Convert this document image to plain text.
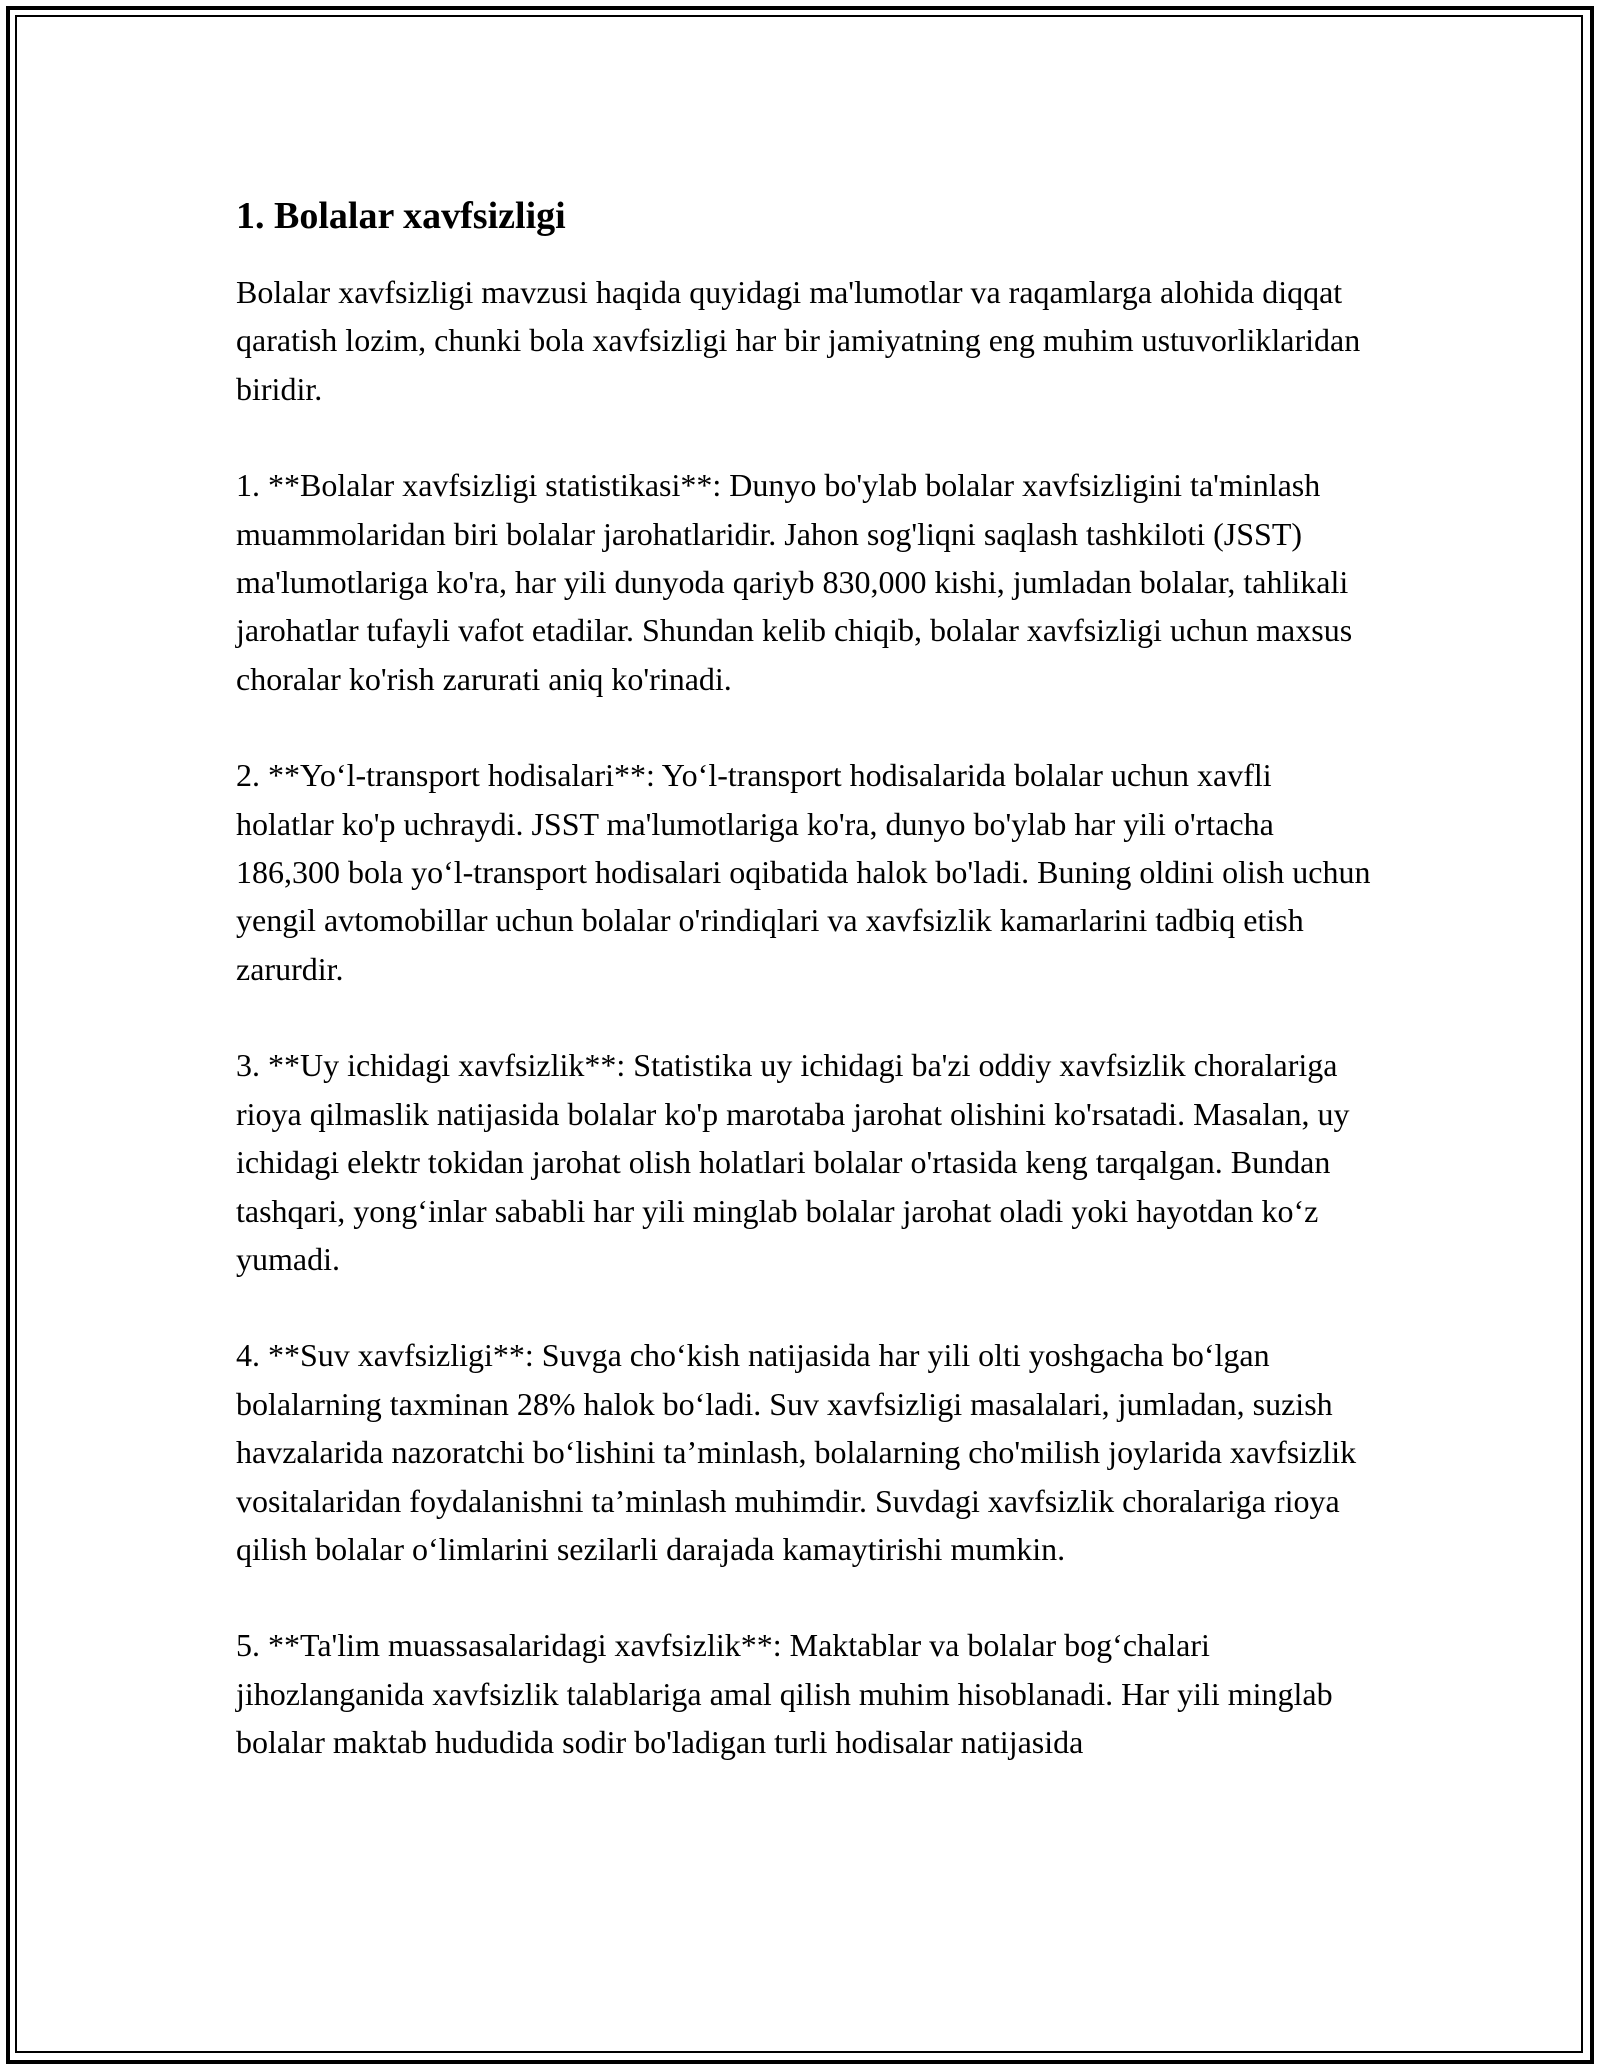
1. Bolalar xavfsizligi

Bolalar xavfsizligi mavzusi haqida quyidagi ma'lumotlar va raqamlarga alohida diqqat qaratish lozim, chunki bola xavfsizligi har bir jamiyatning eng muhim ustuvorliklaridan biridir.

1. **Bolalar xavfsizligi statistikasi**: Dunyo bo'ylab bolalar xavfsizligini ta'minlash muammolaridan biri bolalar jarohatlaridir. Jahon sog'liqni saqlash tashkiloti (JSST) ma'lumotlariga ko'ra, har yili dunyoda qariyb 830,000 kishi, jumladan bolalar, tahlikali jarohatlar tufayli vafot etadilar. Shundan kelib chiqib, bolalar xavfsizligi uchun maxsus choralar ko'rish zarurati aniq ko'rinadi.

2. **Yo‘l-transport hodisalari**: Yo‘l-transport hodisalarida bolalar uchun xavfli holatlar ko'p uchraydi. JSST ma'lumotlariga ko'ra, dunyo bo'ylab har yili o'rtacha 186,300 bola yo‘l-transport hodisalari oqibatida halok bo'ladi. Buning oldini olish uchun yengil avtomobillar uchun bolalar o'rindiqlari va xavfsizlik kamarlarini tadbiq etish zarurdir.

3. **Uy ichidagi xavfsizlik**: Statistika uy ichidagi ba'zi oddiy xavfsizlik choralariga rioya qilmaslik natijasida bolalar ko'p marotaba jarohat olishini ko'rsatadi. Masalan, uy ichidagi elektr tokidan jarohat olish holatlari bolalar o'rtasida keng tarqalgan. Bundan tashqari, yong‘inlar sababli har yili minglab bolalar jarohat oladi yoki hayotdan ko‘z yumadi.

4. **Suv xavfsizligi**: Suvga cho‘kish natijasida har yili olti yoshgacha bo‘lgan bolalarning taxminan 28% halok bo‘ladi. Suv xavfsizligi masalalari, jumladan, suzish havzalarida nazoratchi bo‘lishini ta’minlash, bolalarning cho'milish joylarida xavfsizlik vositalaridan foydalanishni ta’minlash muhimdir. Suvdagi xavfsizlik choralariga rioya qilish bolalar o‘limlarini sezilarli darajada kamaytirishi mumkin.

5. **Ta'lim muassasalaridagi xavfsizlik**: Maktablar va bolalar bog‘chalari jihozlanganida xavfsizlik talablariga amal qilish muhim hisoblanadi. Har yili minglab bolalar maktab hududida sodir bo'ladigan turli hodisalar natijasida
